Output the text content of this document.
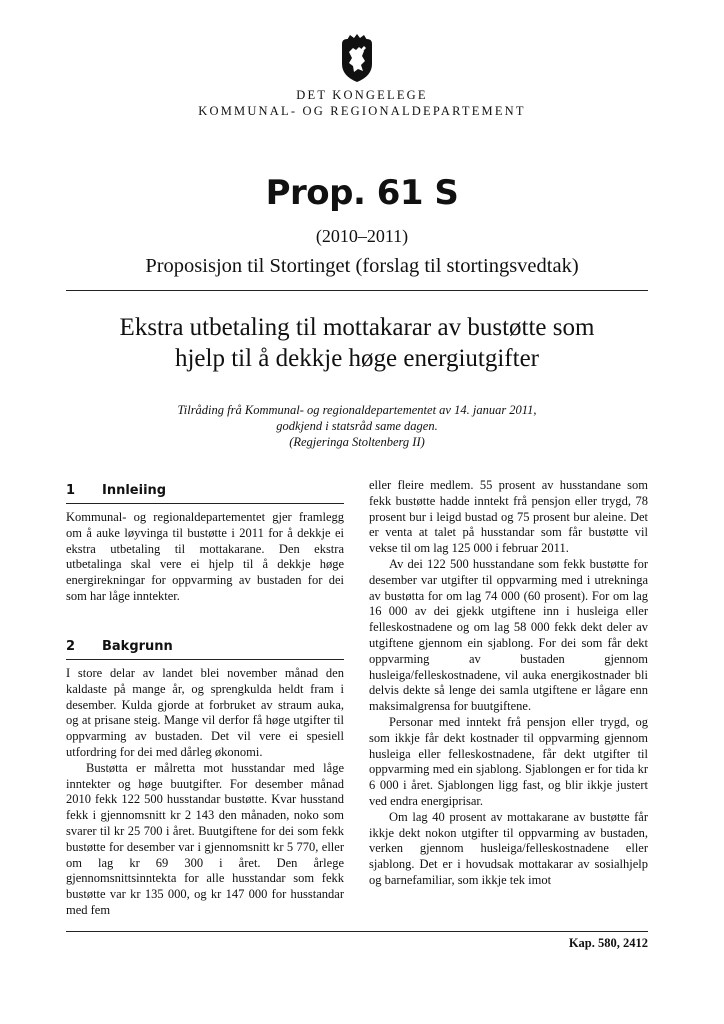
DET KONGELEGE
KOMMUNAL- OG REGIONALDEPARTEMENT
Prop. 61 S
(2010–2011)
Proposisjon til Stortinget (forslag til stortingsvedtak)
Ekstra utbetaling til mottakarar av bustøtte som
hjelp til å dekkje høge energiutgifter
Tilråding frå Kommunal- og regionaldepartementet av 14. januar 2011,
godkjend i statsråd same dagen.
(Regjeringa Stoltenberg II)
1 Innleiing

Kommunal- og regionaldepartementet gjer framlegg om å auke løyvinga til bustøtte i 2011 for å dekkje ei ekstra utbetaling til mottakarane. Den ekstra utbetalinga skal vere ei hjelp til å dekkje høge energirekningar for oppvarming av bustaden for dei som har låge inntekter.

2 Bakgrunn

I store delar av landet blei november månad den kaldaste på mange år, og sprengkulda heldt fram i desember. Kulda gjorde at forbruket av straum auka, og at prisane steig. Mange vil derfor få høge utgifter til oppvarming av bustaden. Det vil vere ei spesiell utfordring for dei med dårleg økonomi.

Bustøtta er målretta mot husstandar med låge inntekter og høge buutgifter. For desember månad 2010 fekk 122 500 husstandar bustøtte. Kvar husstand fekk i gjennomsnitt kr 2 143 den månaden, noko som svarer til kr 25 700 i året. Buutgiftene for dei som fekk bustøtte for desember var i gjennomsnitt kr 5 770, eller om lag kr 69 300 i året. Den årlege gjennomsnittsinntekta for alle husstandar som fekk bustøtte var kr 135 000, og kr 147 000 for husstandar med fem

eller fleire medlem. 55 prosent av husstandane som fekk bustøtte hadde inntekt frå pensjon eller trygd, 78 prosent bur i leigd bustad og 75 prosent bur aleine. Det er venta at talet på husstandar som får bustøtte vil vekse til om lag 125 000 i februar 2011.

Av dei 122 500 husstandane som fekk bustøtte for desember var utgifter til oppvarming med i utrekninga av bustøtta for om lag 74 000 (60 prosent). For om lag 16 000 av dei gjekk utgiftene inn i husleiga eller felleskostnadene og om lag 58 000 fekk dekt deler av utgiftene gjennom ein sjablong. For dei som får dekt oppvarming av bustaden gjennom husleiga/felleskostnadene, vil auka energikostnader bli delvis dekte så lenge dei samla utgiftene er lågare enn maksimalgrensa for buutgiftene.

Personar med inntekt frå pensjon eller trygd, og som ikkje får dekt kostnader til oppvarming gjennom husleiga eller felleskostnadene, får dekt utgifter til oppvarming med ein sjablong. Sjablongen er for tida kr 6 000 i året. Sjablongen ligg fast, og blir ikkje justert ved endra energiprisar.

Om lag 40 prosent av mottakarane av bustøtte får ikkje dekt nokon utgifter til oppvarming av bustaden, verken gjennom husleiga/felleskostnadene eller sjablong. Det er i hovudsak mottakarar av sosialhjelp og barnefamiliar, som ikkje tek imot

Kap. 580, 2412
